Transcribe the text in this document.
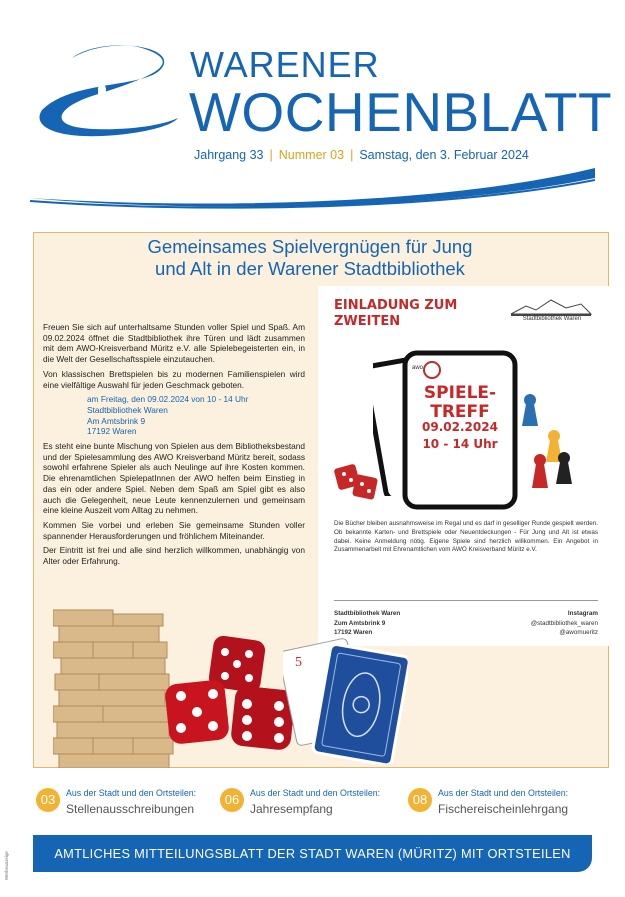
WARENER
WOCHENBLATT
Jahrgang 33 | Nummer 03 | Samstag, den 3. Februar 2024
Gemeinsames Spielvergnügen für Jung
und Alt in der Warener Stadtbibliothek

Freuen Sie sich auf unterhaltsame Stunden voller Spiel und Spaß. Am 09.02.2024 öffnet die Stadtbibliothek ihre Türen und lädt zusammen mit dem AWO-Kreisverband Müritz e.V. alle Spielebegeisterten ein, in die Welt der Gesellschaftsspiele einzutauchen.

Von klassischen Brettspielen bis zu modernen Familienspielen wird eine vielfältige Auswahl für jeden Geschmack geboten.

am Freitag, den 09.02.2024 von 10 - 14 Uhr
Stadtbibliothek Waren
Am Amtsbrink 9
17192 Waren

Es steht eine bunte Mischung von Spielen aus dem Bibliotheksbestand und der Spielesammlung des AWO Kreisverband Müritz bereit, sodass sowohl erfahrene Spieler als auch Neulinge auf ihre Kosten kommen. Die ehrenamtlichen SpielepatInnen der AWO helfen beim Einstieg in das ein oder andere Spiel. Neben dem Spaß am Spiel gibt es also auch die Gelegenheit, neue Leute kennenzulernen und gemeinsam eine kleine Auszeit vom Alltag zu nehmen.

Kommen Sie vorbei und erleben Sie gemeinsame Stunden voller spannender Herausforderungen und fröhlichem Miteinander.

Der Eintritt ist frei und alle sind herzlich willkommen, unabhängig von Alter oder Erfahrung.

EINLADUNG ZUM
ZWEITEN	Stadtbibliothek Waren
awo
SPIELE-
TREFF
09.02.2024
10 - 14 Uhr
Die Bücher bleiben ausnahmsweise im Regal und es darf in geselliger Runde gespielt werden. Ob bekannte Karten- und Brettspiele oder Neuentdeckungen - Für Jung und Alt ist etwas dabei. Keine Anmeldung nötig. Eigene Spiele sind herzlich willkommen. Ein Angebot in Zusammenarbeit mit Ehrenamtlichen vom AWO Kreisverband Müritz e.V.
Stadtbibliothek Waren
Zum Amtsbrink 9
17192 Waren
Instagram
@stadtbibliothek_waren
@awomueritz
5
03	Aus der Stadt und den Ortsteilen:
Stellenausschreibungen
06	Aus der Stadt und den Ortsteilen:
Jahresempfang
08	Aus der Stadt und den Ortsteilen:
Fischereischeinlehrgang
AMTLICHES MITTEILUNGSBLATT DER STADT WAREN (MÜRITZ) MIT ORTSTEILEN
Werbeanzeige
